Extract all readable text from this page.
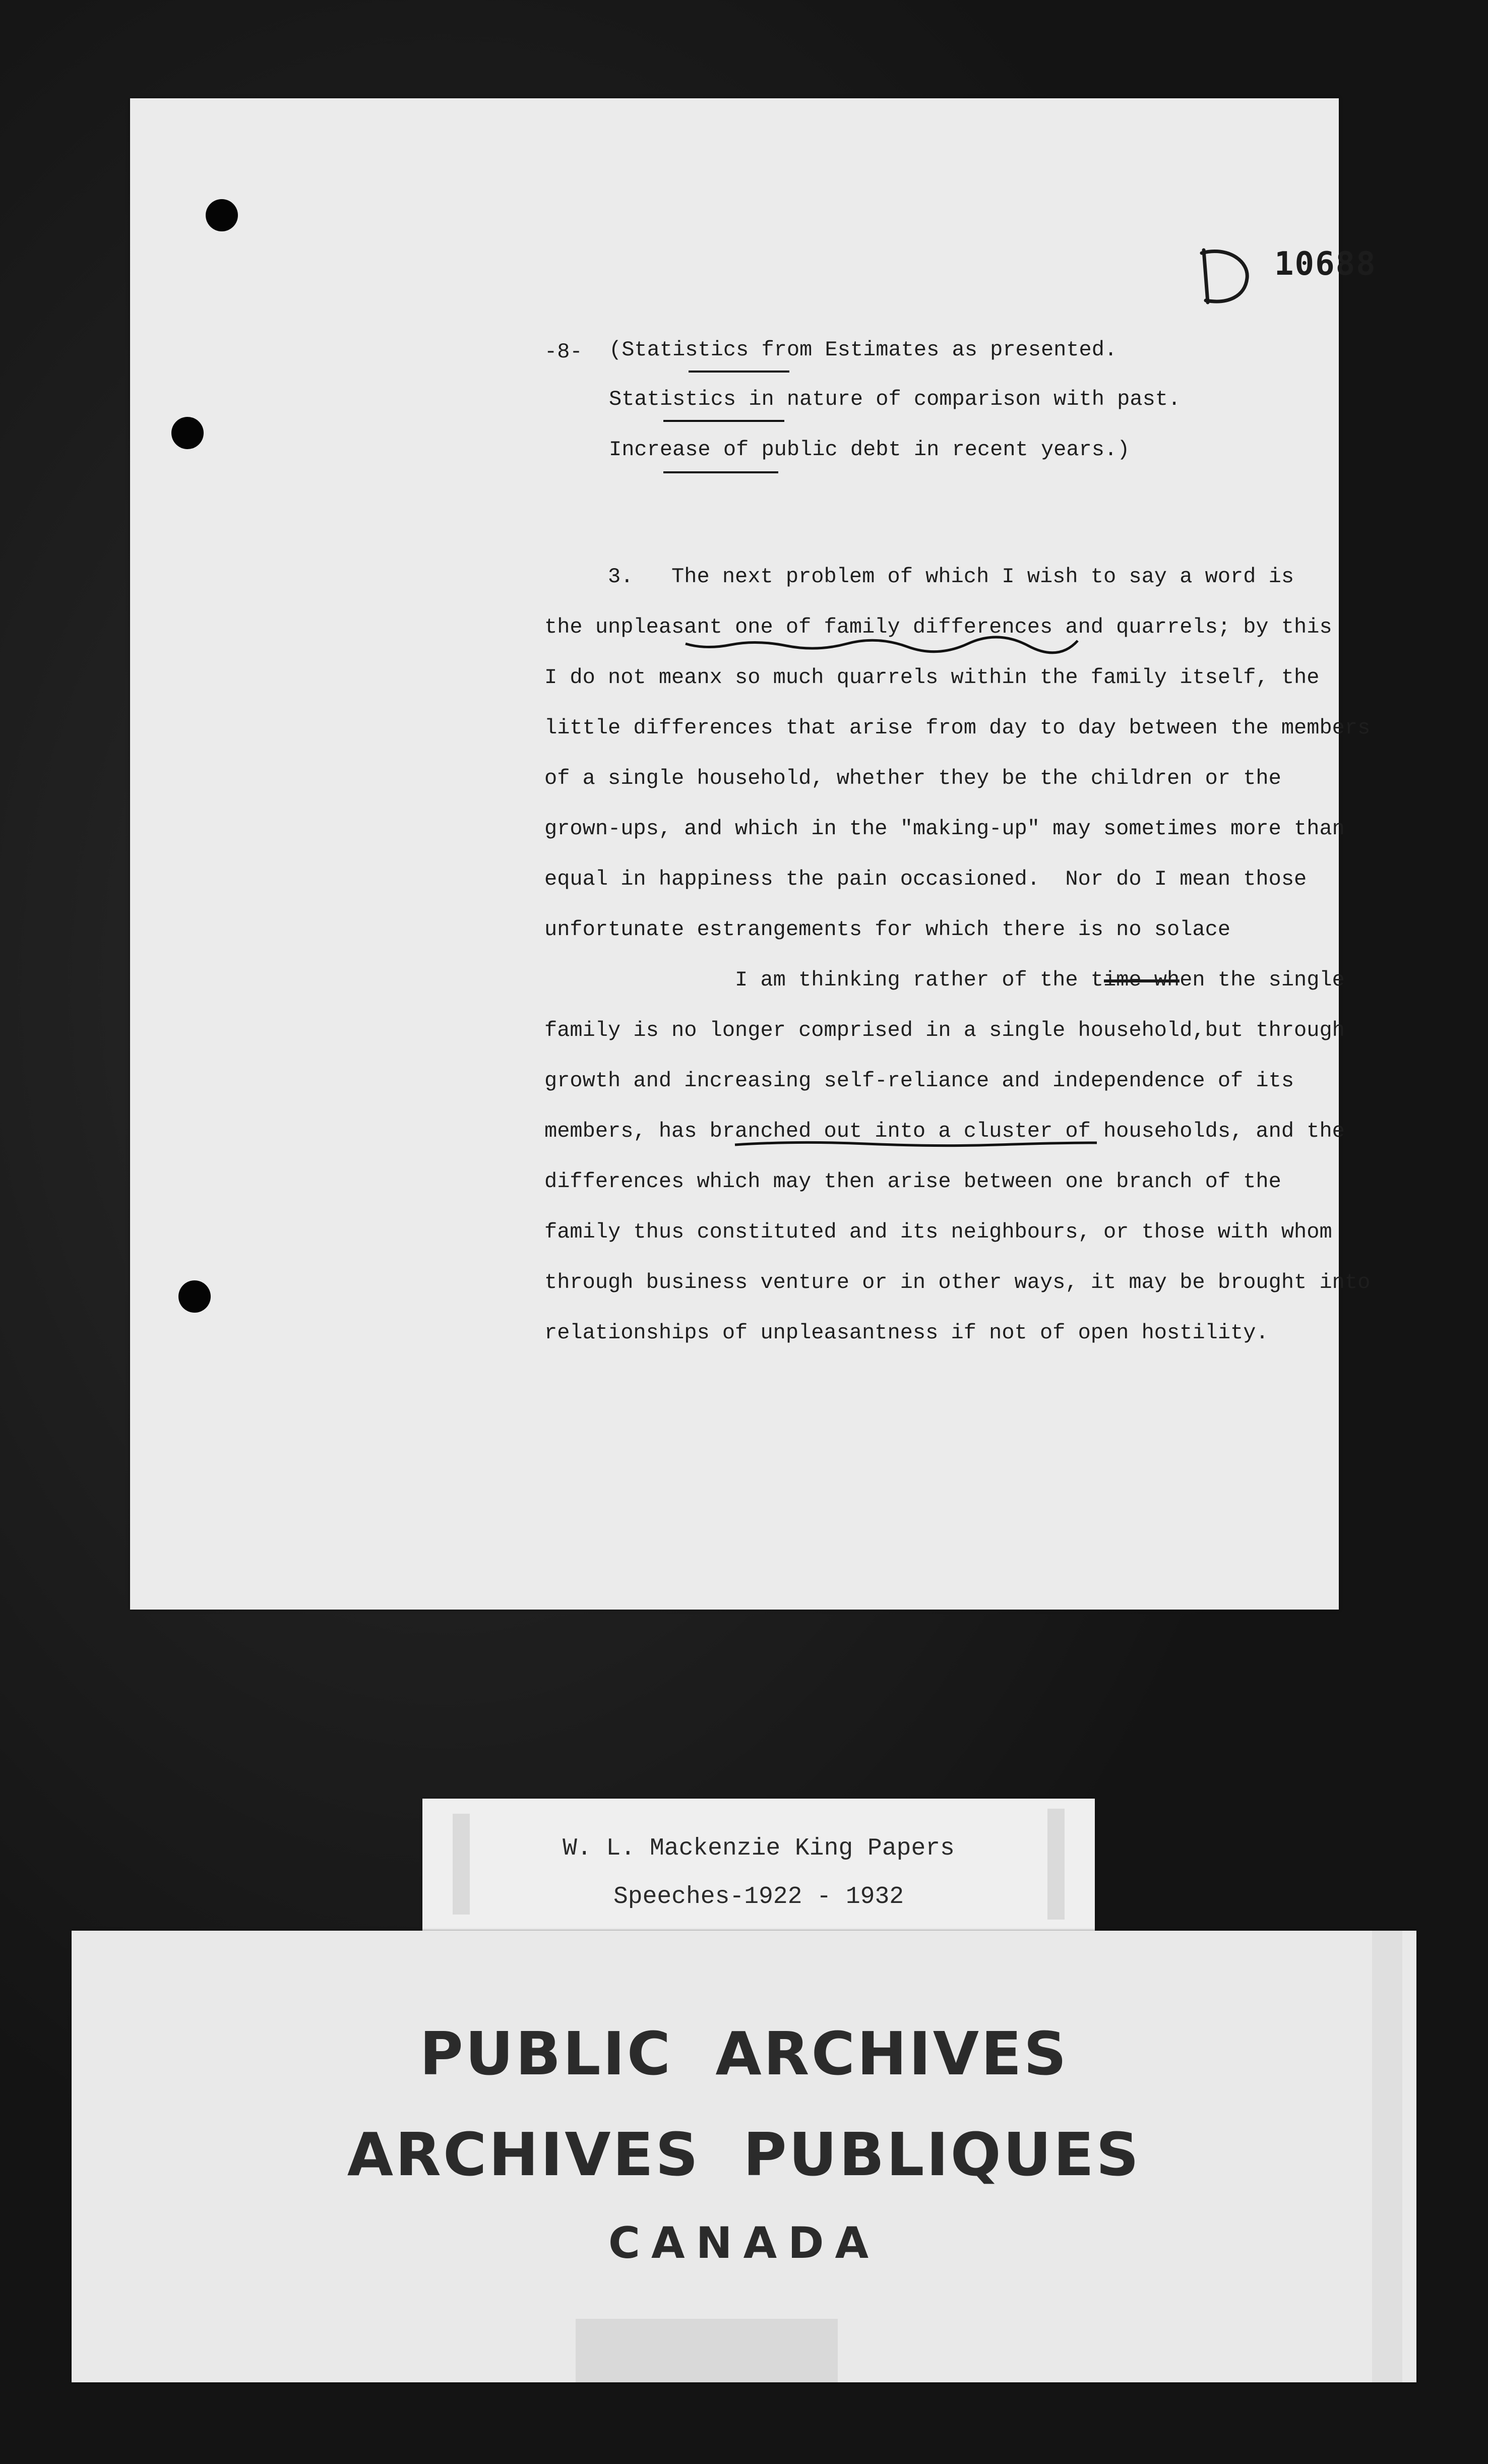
10688
-8- (Statistics from Estimates as presented.
Statistics in nature of comparison with past.
Increase of public debt in recent years.)
3.   The next problem of which I wish to say a word is
the unpleasant one of family differences and quarrels; by this
I do not meanx so much quarrels within the family itself, the
little differences that arise from day to day between the members
of a single household, whether they be the children or the
grown-ups, and which in the "making-up" may sometimes more than
equal in happiness the pain occasioned.  Nor do I mean those
unfortunate estrangements for which there is no solace
I am thinking rather of the time when the single
family is no longer comprised in a single household,but through
growth and increasing self-reliance and independence of its
members, has branched out into a cluster of households, and the
differences which may then arise between one branch of the
family thus constituted and its neighbours, or those with whom
through business venture or in other ways, it may be brought into
relationships of unpleasantness if not of open hostility.
W. L. Mackenzie King Papers
Speeches-1922 - 1932
PUBLIC ARCHIVES
ARCHIVES PUBLIQUES
CANADA
